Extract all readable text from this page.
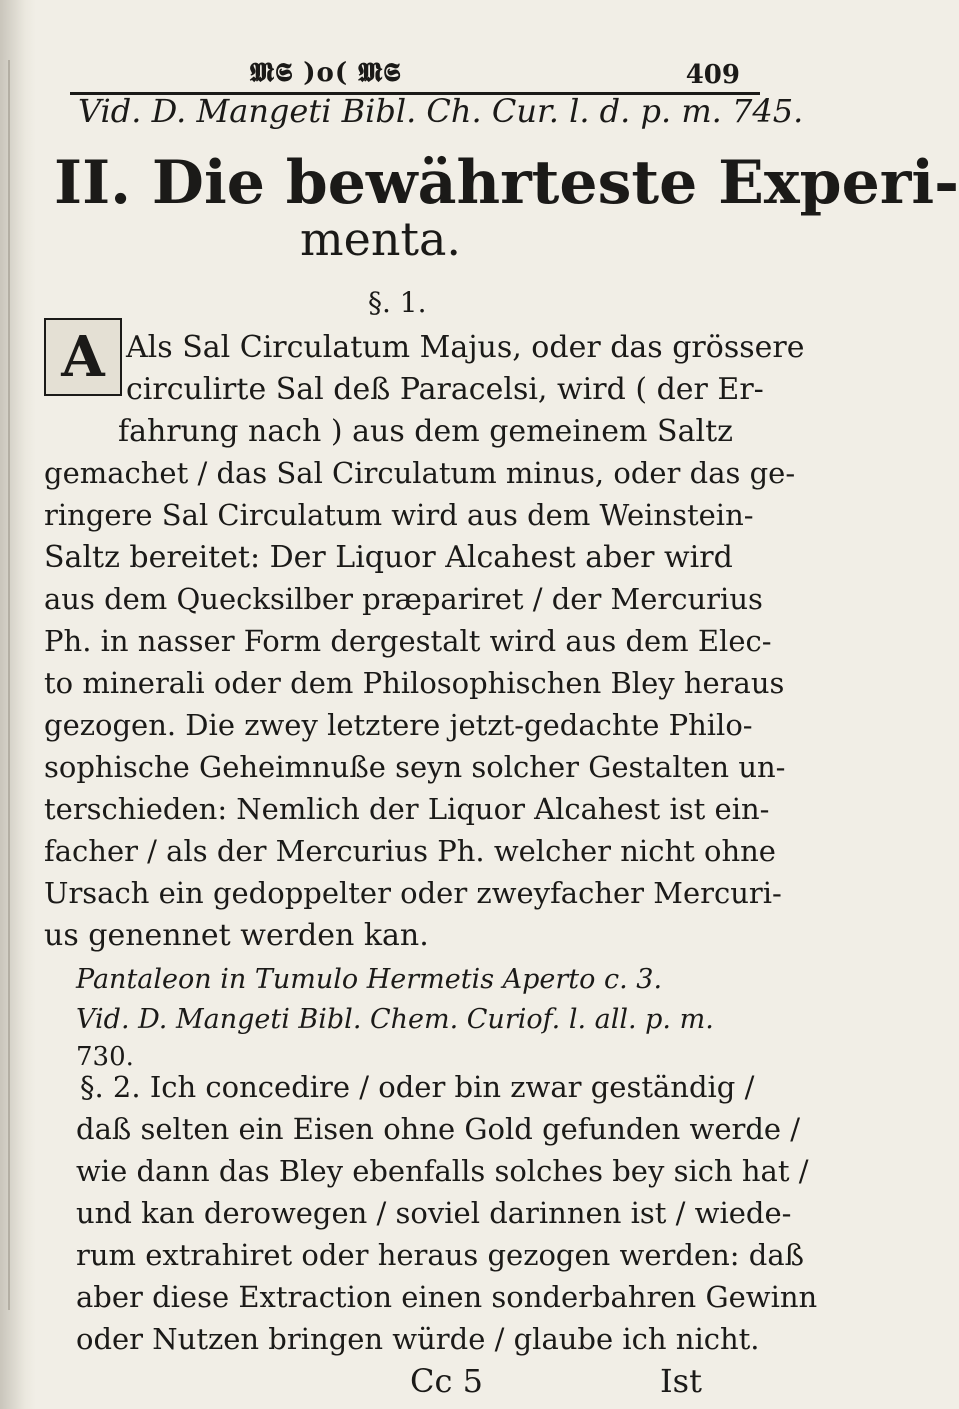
𝕸𝕾 )o( 𝕸𝕾	409
Vid. D. Mangeti Bibl. Ch. Cur. l. d. p. m. 745.
II. Die bewährteste Experi-
menta.
§. 1.
A Als Sal Circulatum Majus, oder das grössere
circulirte Sal deß Paracelsi, wird ( der Er-
fahrung nach ) aus dem gemeinem Saltz
gemachet / das Sal Circulatum minus, oder das ge-
ringere Sal Circulatum wird aus dem Weinstein-
Saltz bereitet: Der Liquor Alcahest aber wird
aus dem Quecksilber præpariret / der Mercurius
Ph. in nasser Form dergestalt wird aus dem Elec-
to minerali oder dem Philosophischen Bley heraus
gezogen. Die zwey letztere jetzt-gedachte Philo-
sophische Geheimnuße seyn solcher Gestalten un-
terschieden: Nemlich der Liquor Alcahest ist ein-
facher / als der Mercurius Ph. welcher nicht ohne
Ursach ein gedoppelter oder zweyfacher Mercuri-
us genennet werden kan.
Pantaleon in Tumulo Hermetis Aperto c. 3.
Vid. D. Mangeti Bibl. Chem. Curiof. l. all. p. m.
730.
§. 2. Ich concedire / oder bin zwar geständig /
daß selten ein Eisen ohne Gold gefunden werde /
wie dann das Bley ebenfalls solches bey sich hat /
und kan derowegen / soviel darinnen ist / wiede-
rum extrahiret oder heraus gezogen werden: daß
aber diese Extraction einen sonderbahren Gewinn
oder Nutzen bringen würde / glaube ich nicht.
Cc 5	Ist
